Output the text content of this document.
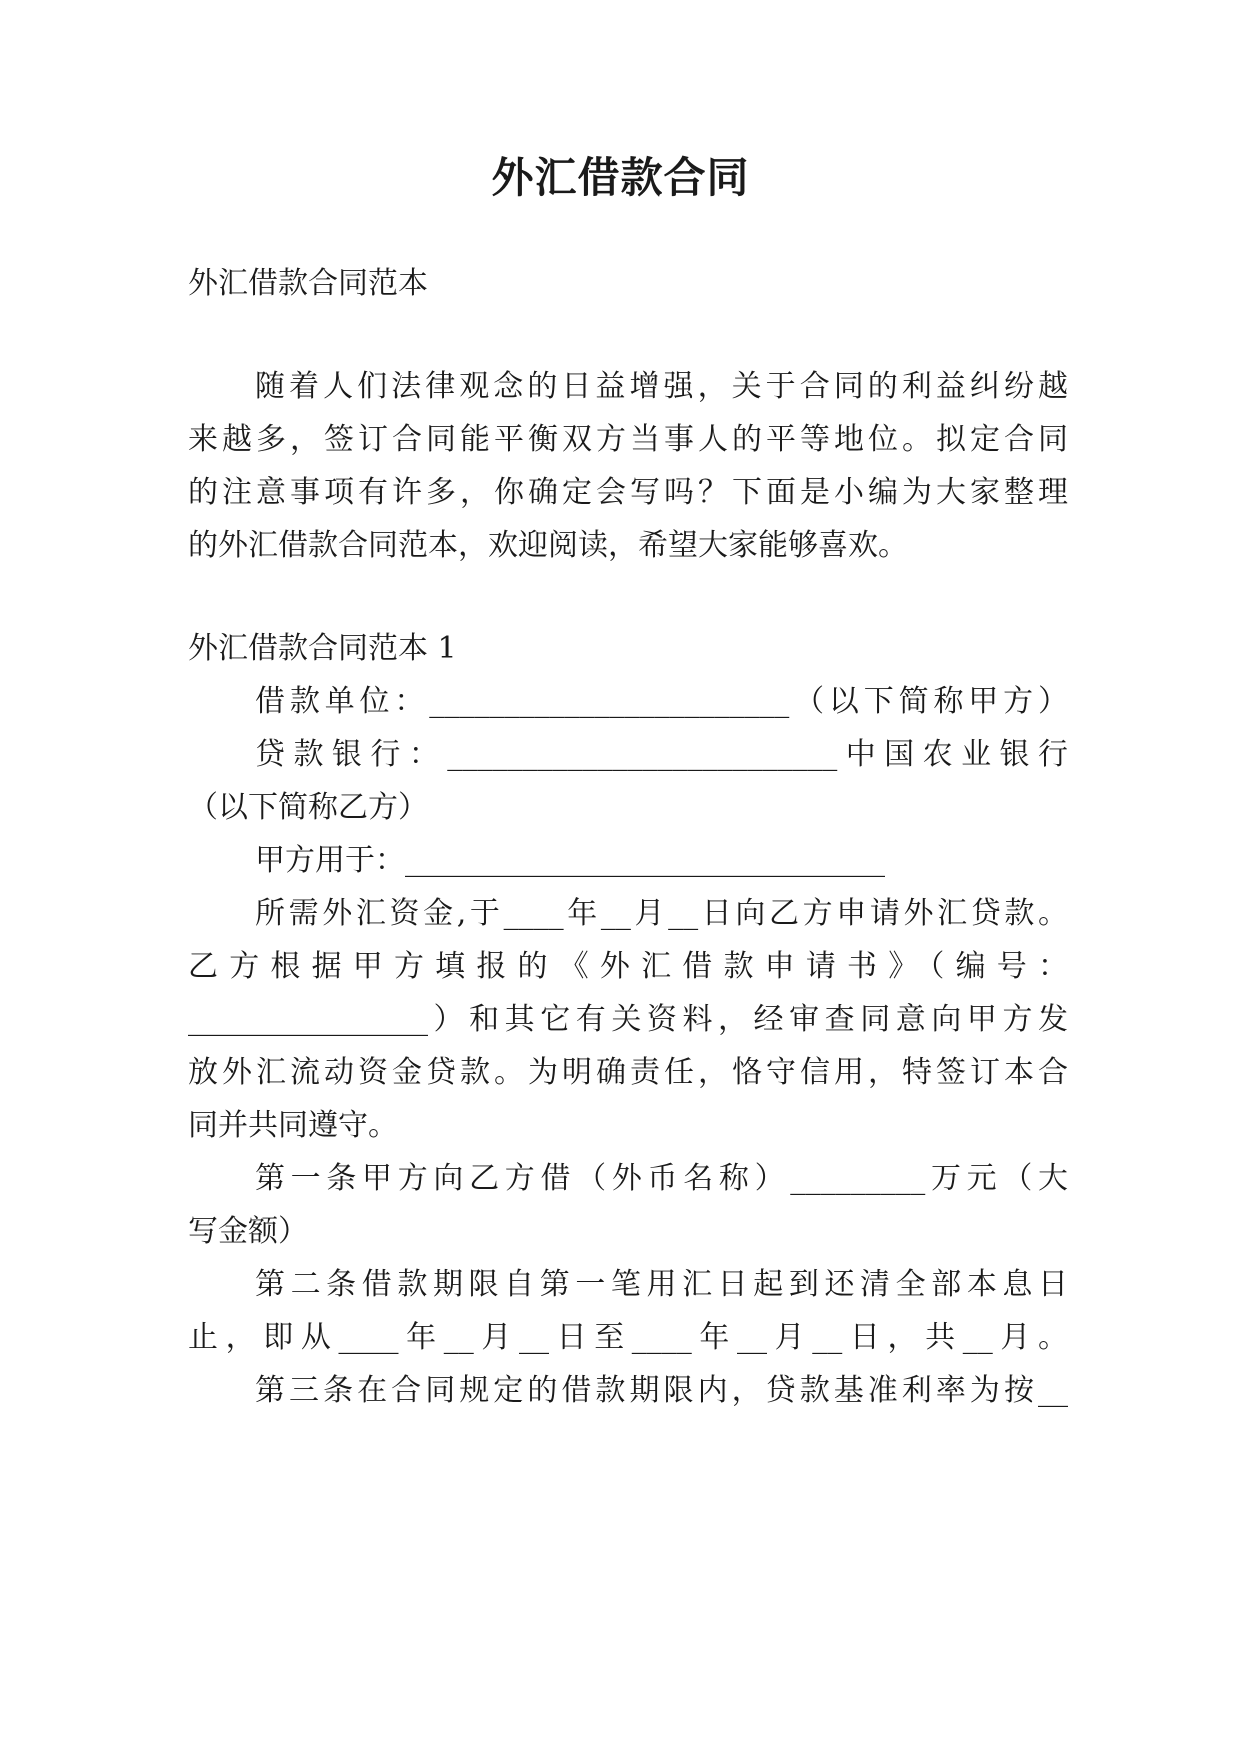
外汇借款合同
外汇借款合同范本
随着人们法律观念的日益增强，关于合同的利益纠纷越
来越多，签订合同能平衡双方当事人的平等地位。拟定合同
的注意事项有许多，你确定会写吗？下面是小编为大家整理
的外汇借款合同范本，欢迎阅读，希望大家能够喜欢。
外汇借款合同范本 1
借款单位：________________________（以下简称甲方）
贷款银行：__________________________中国农业银行
（以下简称乙方）
甲方用于：________________________________
所需外汇资金,于____年__月__日向乙方申请外汇贷款。
乙方根据甲方填报的《外汇借款申请书》（编号：
________________）和其它有关资料，经审查同意向甲方发
放外汇流动资金贷款。为明确责任，恪守信用，特签订本合
同并共同遵守。
第一条甲方向乙方借（外币名称）_________万元（大
写金额）
第二条借款期限自第一笔用汇日起到还清全部本息日
止，即从____年__月__日至____年__月__日，共__月。
第三条在合同规定的借款期限内，贷款基准利率为按__
